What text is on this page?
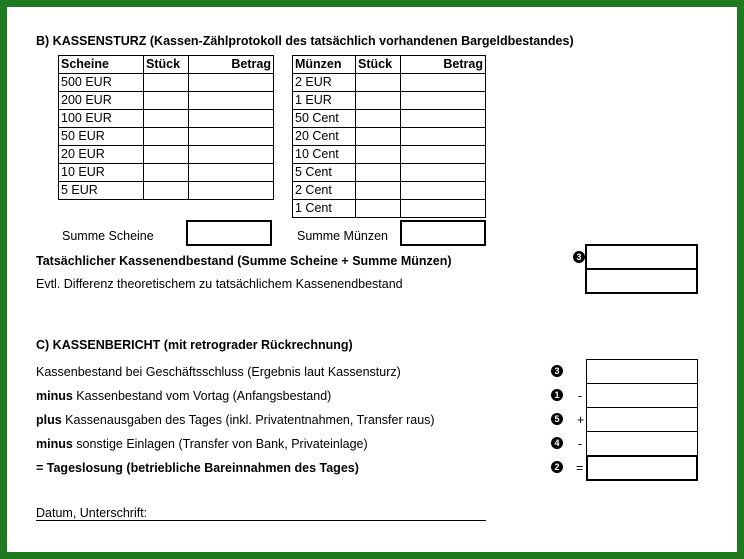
B) KASSENSTURZ (Kassen-Zählprotokoll des tatsächlich vorhandenen Bargeldbestandes)
Scheine	Stück	Betrag
500 EUR		
200 EUR		
100 EUR		
50 EUR		
20 EUR		
10 EUR		
5 EUR		
Münzen	Stück	Betrag
2 EUR		
1 EUR		
50 Cent		
20 Cent		
10 Cent		
5 Cent		
2 Cent		
1 Cent		
Summe Scheine	Summe Münzen
Tatsächlicher Kassenendbestand (Summe Scheine + Summe Münzen)	3
Evtl. Differenz theoretischem zu tatsächlichem Kassenendbestand
C) KASSENBERICHT (mit retrograder Rückrechnung)
Kassenbestand bei Geschäftsschluss (Ergebnis laut Kassensturz)	3
minus Kassenbestand vom Vortag (Anfangsbestand)	1 -
plus Kassenausgaben des Tages (inkl. Privatentnahmen, Transfer raus)	5 +
minus sonstige Einlagen (Transfer von Bank, Privateinlage)	4 -
= Tageslosung (betriebliche Bareinnahmen des Tages)	2 =
Datum, Unterschrift:
